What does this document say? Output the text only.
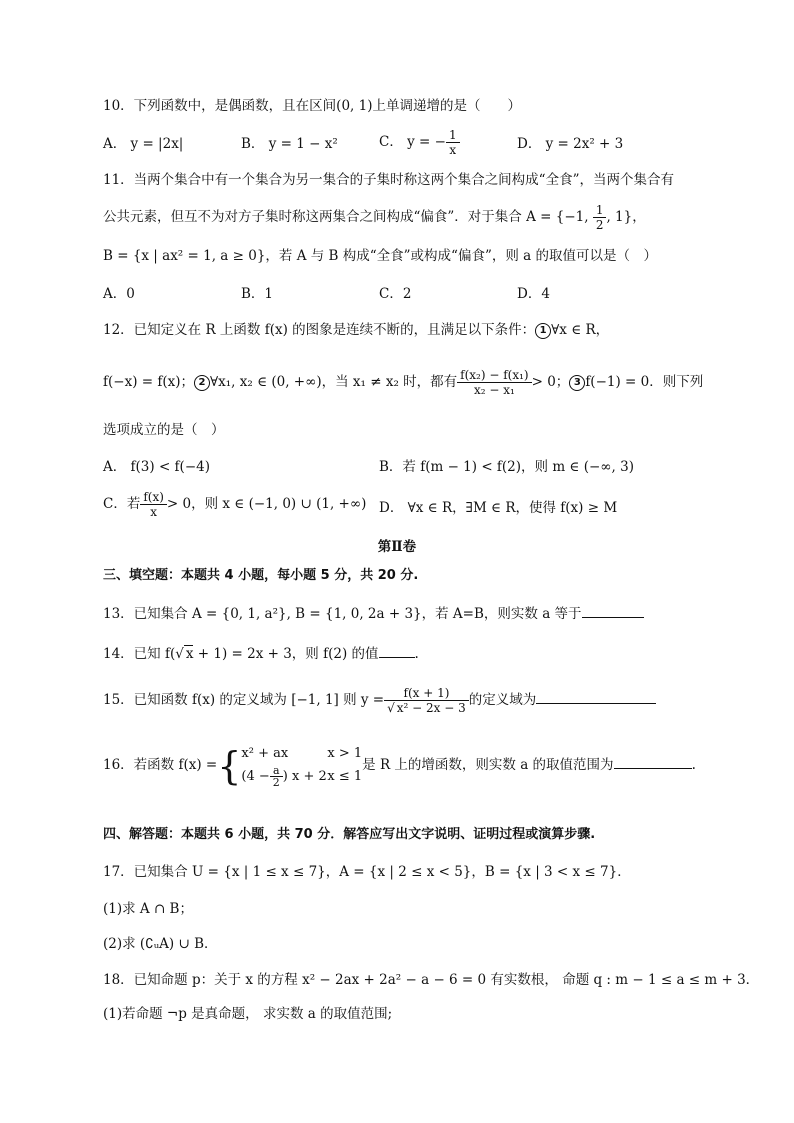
10．下列函数中，是偶函数，且在区间(0, 1)上单调递增的是（　　）
A． y = |2x|	B． y = 1 − x²	C． y = − $\frac{1}{x}$	D． y = 2x² + 3
11．当两个集合中有一个集合为另一集合的子集时称这两个集合之间构成“全食”，当两个集合有
公共元素，但互不为对方子集时称这两集合之间构成“偏食”．对于集合 A = {−1, $\frac{1}{2}$ , 1}，
B = {x | ax² = 1, a ≥ 0}，若 A 与 B 构成“全食”或构成“偏食”，则 a 的取值可以是（　）
A．0	B．1	C．2	D．4
12．已知定义在 R 上函数 f(x) 的图象是连续不断的，且满足以下条件： 1 ∀x ∈ R，
f(−x) = f(x)； 2 ∀x₁, x₂ ∈ (0, +∞)，当 x₁ ≠ x₂ 时，都有 $\frac{\text{f(x₂) − f(x₁)}}{\text{x₂ − x₁}} > 0$； 3 f(−1) = 0．则下列
选项成立的是（　）
A． f(3) < f(−4)	B．若 f(m − 1) < f(2)，则 m ∈ (−∞, 3)
C．若 $\frac{f(x)}{x} > 0$，则 x ∈ (−1, 0) ∪ (1, +∞) D． ∀x ∈ R，∃M ∈ R，使得 f(x) ≥ M
第Ⅱ卷
三、填空题：本题共 4 小题，每小题 5 分，共 20 分.
13．已知集合 A = {0, 1, a²}, B = {1, 0, 2a + 3}，若 A=B，则实数 a 等于
14．已知 f(√ x + 1) = 2x + 3，则 f(2) 的值	.
15．已知函数 f(x) 的定义域为 [−1, 1] 则 $y = \frac{f(x + 1)}{\text{√ x² − 2x − 3}}$ 的定义域为
16．若函数 f(x) ={ x² + ax	x > 1
($4 - \frac{a}{2}$ ) x + 2x ≤ 1
是 R 上的增函数，则实数 a 的取值范围为	.
四、解答题：本题共 6 小题，共 70 分．解答应写出文字说明、证明过程或演算步骤.
17．已知集合 U = {x | 1 ≤ x ≤ 7}，A = {x | 2 ≤ x < 5}，B = {x | 3 < x ≤ 7}．
(1)求 A ∩ B；
(2)求 (∁ᵤA) ∪ B．
18．已知命题 p：关于 x 的方程 x² − 2ax + 2a² − a − 6 = 0 有实数根， 命题 q : m − 1 ≤ a ≤ m + 3．
(1)若命题 ¬p 是真命题， 求实数 a 的取值范围;
